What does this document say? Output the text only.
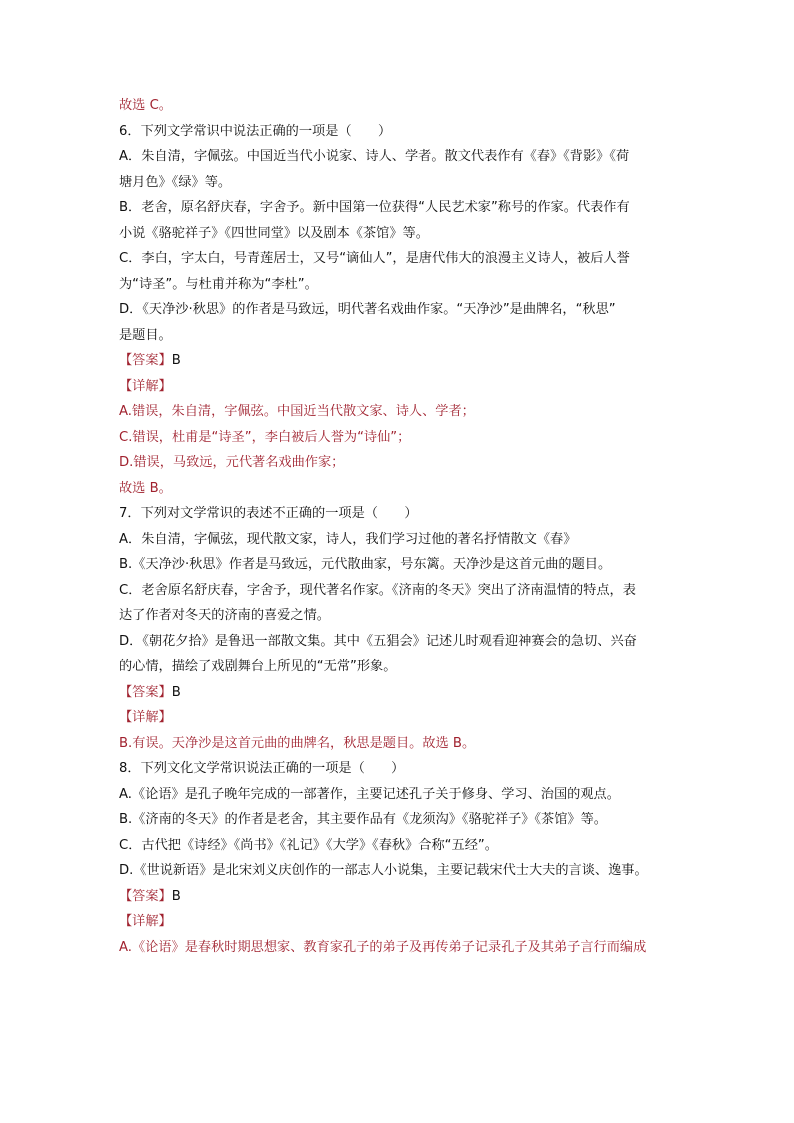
故选 C。
6．下列文学常识中说法正确的一项是（　　）
A．朱自清，字佩弦。中国近当代小说家、诗人、学者。散文代表作有《春》《背影》《荷
塘月色》《绿》等。
B．老舍，原名舒庆春，字舍予。新中国第一位获得“人民艺术家”称号的作家。代表作有
小说《骆驼祥子》《四世同堂》以及剧本《茶馆》等。
C．李白，字太白，号青莲居士，又号“谪仙人”，是唐代伟大的浪漫主义诗人，被后人誉
为“诗圣”。与杜甫并称为“李杜”。
D．《天净沙·秋思》的作者是马致远，明代著名戏曲作家。“天净沙”是曲牌名，“秋思”
是题目。
【答案】B
【详解】
A.错误，朱自清，字佩弦。中国近当代散文家、诗人、学者；
C.错误，杜甫是“诗圣”，李白被后人誉为“诗仙”；
D.错误，马致远，元代著名戏曲作家；
故选 B。
7．下列对文学常识的表述不正确的一项是（　　）
A．朱自清，字佩弦，现代散文家，诗人，我们学习过他的著名抒情散文《春》
B.《天净沙·秋思》作者是马致远，元代散曲家，号东篱。天净沙是这首元曲的题目。
C．老舍原名舒庆春，字舍予，现代著名作家。《济南的冬天》突出了济南温情的特点，表
达了作者对冬天的济南的喜爱之情。
D．《朝花夕拾》是鲁迅一部散文集。其中《五猖会》记述儿时观看迎神赛会的急切、兴奋
的心情，描绘了戏剧舞台上所见的“无常”形象。
【答案】B
【详解】
B.有误。天净沙是这首元曲的曲牌名，秋思是题目。故选 B。
8．下列文化文学常识说法正确的一项是（　　）
A.《论语》是孔子晚年完成的一部著作，主要记述孔子关于修身、学习、治国的观点。
B.《济南的冬天》的作者是老舍，其主要作品有《龙须沟》《骆驼祥子》《茶馆》等。
C．古代把《诗经》《尚书》《礼记》《大学》《春秋》合称“五经”。
D.《世说新语》是北宋刘义庆创作的一部志人小说集，主要记载宋代士大夫的言谈、逸事。
【答案】B
【详解】
A.《论语》是春秋时期思想家、教育家孔子的弟子及再传弟子记录孔子及其弟子言行而编成
